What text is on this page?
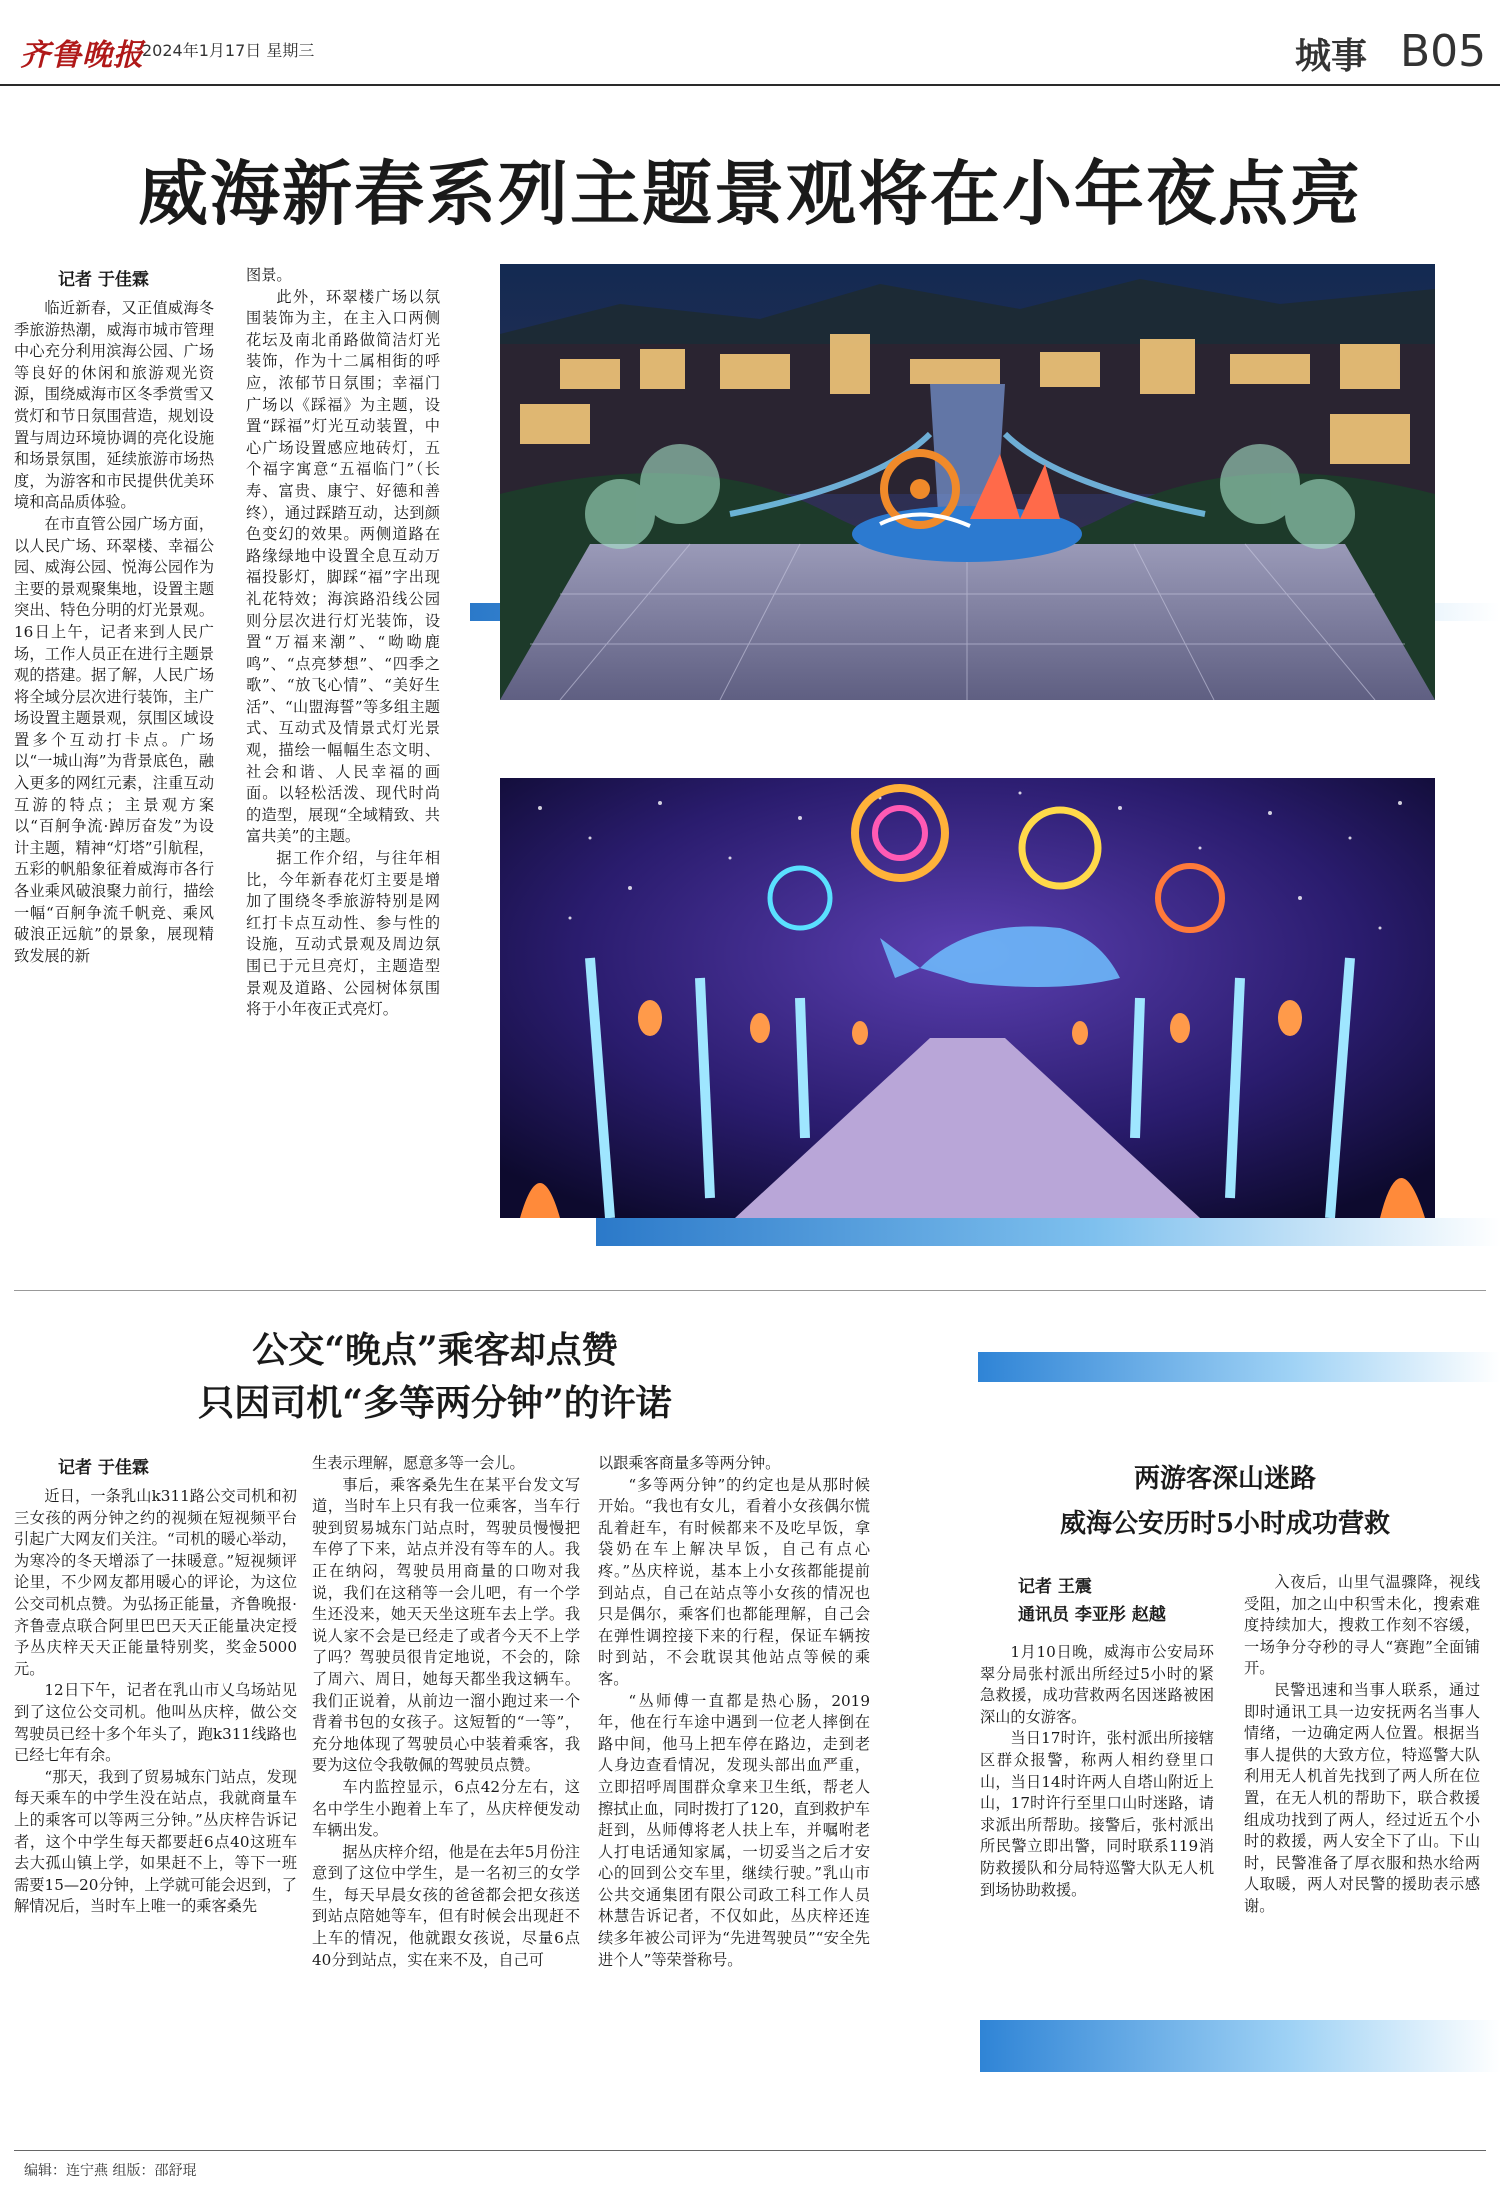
齐鲁晚报
2024年1月17日 星期三	城事 B05
威海新春系列主题景观将在小年夜点亮
记者 于佳霖

临近新春，又正值威海冬季旅游热潮，威海市城市管理中心充分利用滨海公园、广场等良好的休闲和旅游观光资源，围绕威海市区冬季赏雪又赏灯和节日氛围营造，规划设置与周边环境协调的亮化设施和场景氛围，延续旅游市场热度，为游客和市民提供优美环境和高品质体验。

在市直管公园广场方面，以人民广场、环翠楼、幸福公园、威海公园、悦海公园作为主要的景观聚集地，设置主题突出、特色分明的灯光景观。16日上午，记者来到人民广场，工作人员正在进行主题景观的搭建。据了解，人民广场将全域分层次进行装饰，主广场设置主题景观，氛围区域设置多个互动打卡点。广场以“一城山海”为背景底色，融入更多的网红元素，注重互动互游的特点；主景观方案以“百舸争流·踔厉奋发”为设计主题，精神“灯塔”引航程，五彩的帆船象征着威海市各行各业乘风破浪聚力前行，描绘一幅“百舸争流千帆竞、乘风破浪正远航”的景象，展现精致发展的新

图景。

此外，环翠楼广场以氛围装饰为主，在主入口两侧花坛及南北甬路做简洁灯光装饰，作为十二属相街的呼应，浓郁节日氛围；幸福门广场以《踩福》为主题，设置“踩福”灯光互动装置，中心广场设置感应地砖灯，五个福字寓意“五福临门”（长寿、富贵、康宁、好德和善终），通过踩踏互动，达到颜色变幻的效果。两侧道路在路缘绿地中设置全息互动万福投影灯，脚踩“福”字出现礼花特效；海滨路沿线公园则分层次进行灯光装饰，设置“万福来潮”、“呦呦鹿鸣”、“点亮梦想”、“四季之歌”、“放飞心情”、“美好生活”、“山盟海誓”等多组主题式、互动式及情景式灯光景观，描绘一幅幅生态文明、社会和谐、人民幸福的画面。以轻松活泼、现代时尚的造型，展现“全域精致、共富共美”的主题。

据工作介绍，与往年相比，今年新春花灯主要是增加了围绕冬季旅游特别是网红打卡点互动性、参与性的设施，互动式景观及周边氛围已于元旦亮灯，主题造型景观及道路、公园树体氛围将于小年夜正式亮灯。

公交“晚点”乘客却点赞
只因司机“多等两分钟”的许诺
记者 于佳霖

近日，一条乳山k311路公交司机和初三女孩的两分钟之约的视频在短视频平台引起广大网友们关注。“司机的暖心举动，为寒冷的冬天增添了一抹暖意。”短视频评论里，不少网友都用暖心的评论，为这位公交司机点赞。为弘扬正能量，齐鲁晚报·齐鲁壹点联合阿里巴巴天天正能量决定授予丛庆梓天天正能量特别奖，奖金5000元。

12日下午，记者在乳山市乂乌场站见到了这位公交司机。他叫丛庆梓，做公交驾驶员已经十多个年头了，跑k311线路也已经七年有余。

“那天，我到了贸易城东门站点，发现每天乘车的中学生没在站点，我就商量车上的乘客可以等两三分钟。”丛庆梓告诉记者，这个中学生每天都要赶6点40这班车去大孤山镇上学，如果赶不上，等下一班需要15—20分钟，上学就可能会迟到，了解情况后，当时车上唯一的乘客桑先

生表示理解，愿意多等一会儿。

事后，乘客桑先生在某平台发文写道，当时车上只有我一位乘客，当车行驶到贸易城东门站点时，驾驶员慢慢把车停了下来，站点并没有等车的人。我正在纳闷，驾驶员用商量的口吻对我说，我们在这稍等一会儿吧，有一个学生还没来，她天天坐这班车去上学。我说人家不会是已经走了或者今天不上学了吗？驾驶员很肯定地说，不会的，除了周六、周日，她每天都坐我这辆车。我们正说着，从前边一溜小跑过来一个背着书包的女孩子。这短暂的“一等”，充分地体现了驾驶员心中装着乘客，我要为这位令我敬佩的驾驶员点赞。

车内监控显示，6点42分左右，这名中学生小跑着上车了，丛庆梓便发动车辆出发。

据丛庆梓介绍，他是在去年5月份注意到了这位中学生，是一名初三的女学生，每天早晨女孩的爸爸都会把女孩送到站点陪她等车，但有时候会出现赶不上车的情况，他就跟女孩说，尽量6点40分到站点，实在来不及，自己可

以跟乘客商量多等两分钟。

“多等两分钟”的约定也是从那时候开始。“我也有女儿，看着小女孩偶尔慌乱着赶车，有时候都来不及吃早饭，拿袋奶在车上解决早饭，自己有点心疼。”丛庆梓说，基本上小女孩都能提前到站点，自己在站点等小女孩的情况也只是偶尔，乘客们也都能理解，自己会在弹性调控接下来的行程，保证车辆按时到站，不会耽误其他站点等候的乘客。

“丛师傅一直都是热心肠，2019年，他在行车途中遇到一位老人摔倒在路中间，他马上把车停在路边，走到老人身边查看情况，发现头部出血严重，立即招呼周围群众拿来卫生纸，帮老人擦拭止血，同时拨打了120，直到救护车赶到，丛师傅将老人扶上车，并嘱咐老人打电话通知家属，一切妥当之后才安心的回到公交车里，继续行驶。”乳山市公共交通集团有限公司政工科工作人员林慧告诉记者，不仅如此，丛庆梓还连续多年被公司评为“先进驾驶员”“安全先进个人”等荣誉称号。

两游客深山迷路
威海公安历时5小时成功营救
记者 王震
通讯员 李亚彤 赵越

1月10日晚，威海市公安局环翠分局张村派出所经过5小时的紧急救援，成功营救两名因迷路被困深山的女游客。

当日17时许，张村派出所接辖区群众报警，称两人相约登里口山，当日14时许两人自塔山附近上山，17时许行至里口山时迷路，请求派出所帮助。接警后，张村派出所民警立即出警，同时联系119消防救援队和分局特巡警大队无人机到场协助救援。

入夜后，山里气温骤降，视线受阻，加之山中积雪未化，搜索难度持续加大，搜救工作刻不容缓，一场争分夺秒的寻人“赛跑”全面铺开。

民警迅速和当事人联系，通过即时通讯工具一边安抚两名当事人情绪，一边确定两人位置。根据当事人提供的大致方位，特巡警大队利用无人机首先找到了两人所在位置，在无人机的帮助下，联合救援组成功找到了两人，经过近五个小时的救援，两人安全下了山。下山时，民警准备了厚衣服和热水给两人取暖，两人对民警的援助表示感谢。

编辑：连宁燕 组版：邵舒琨
